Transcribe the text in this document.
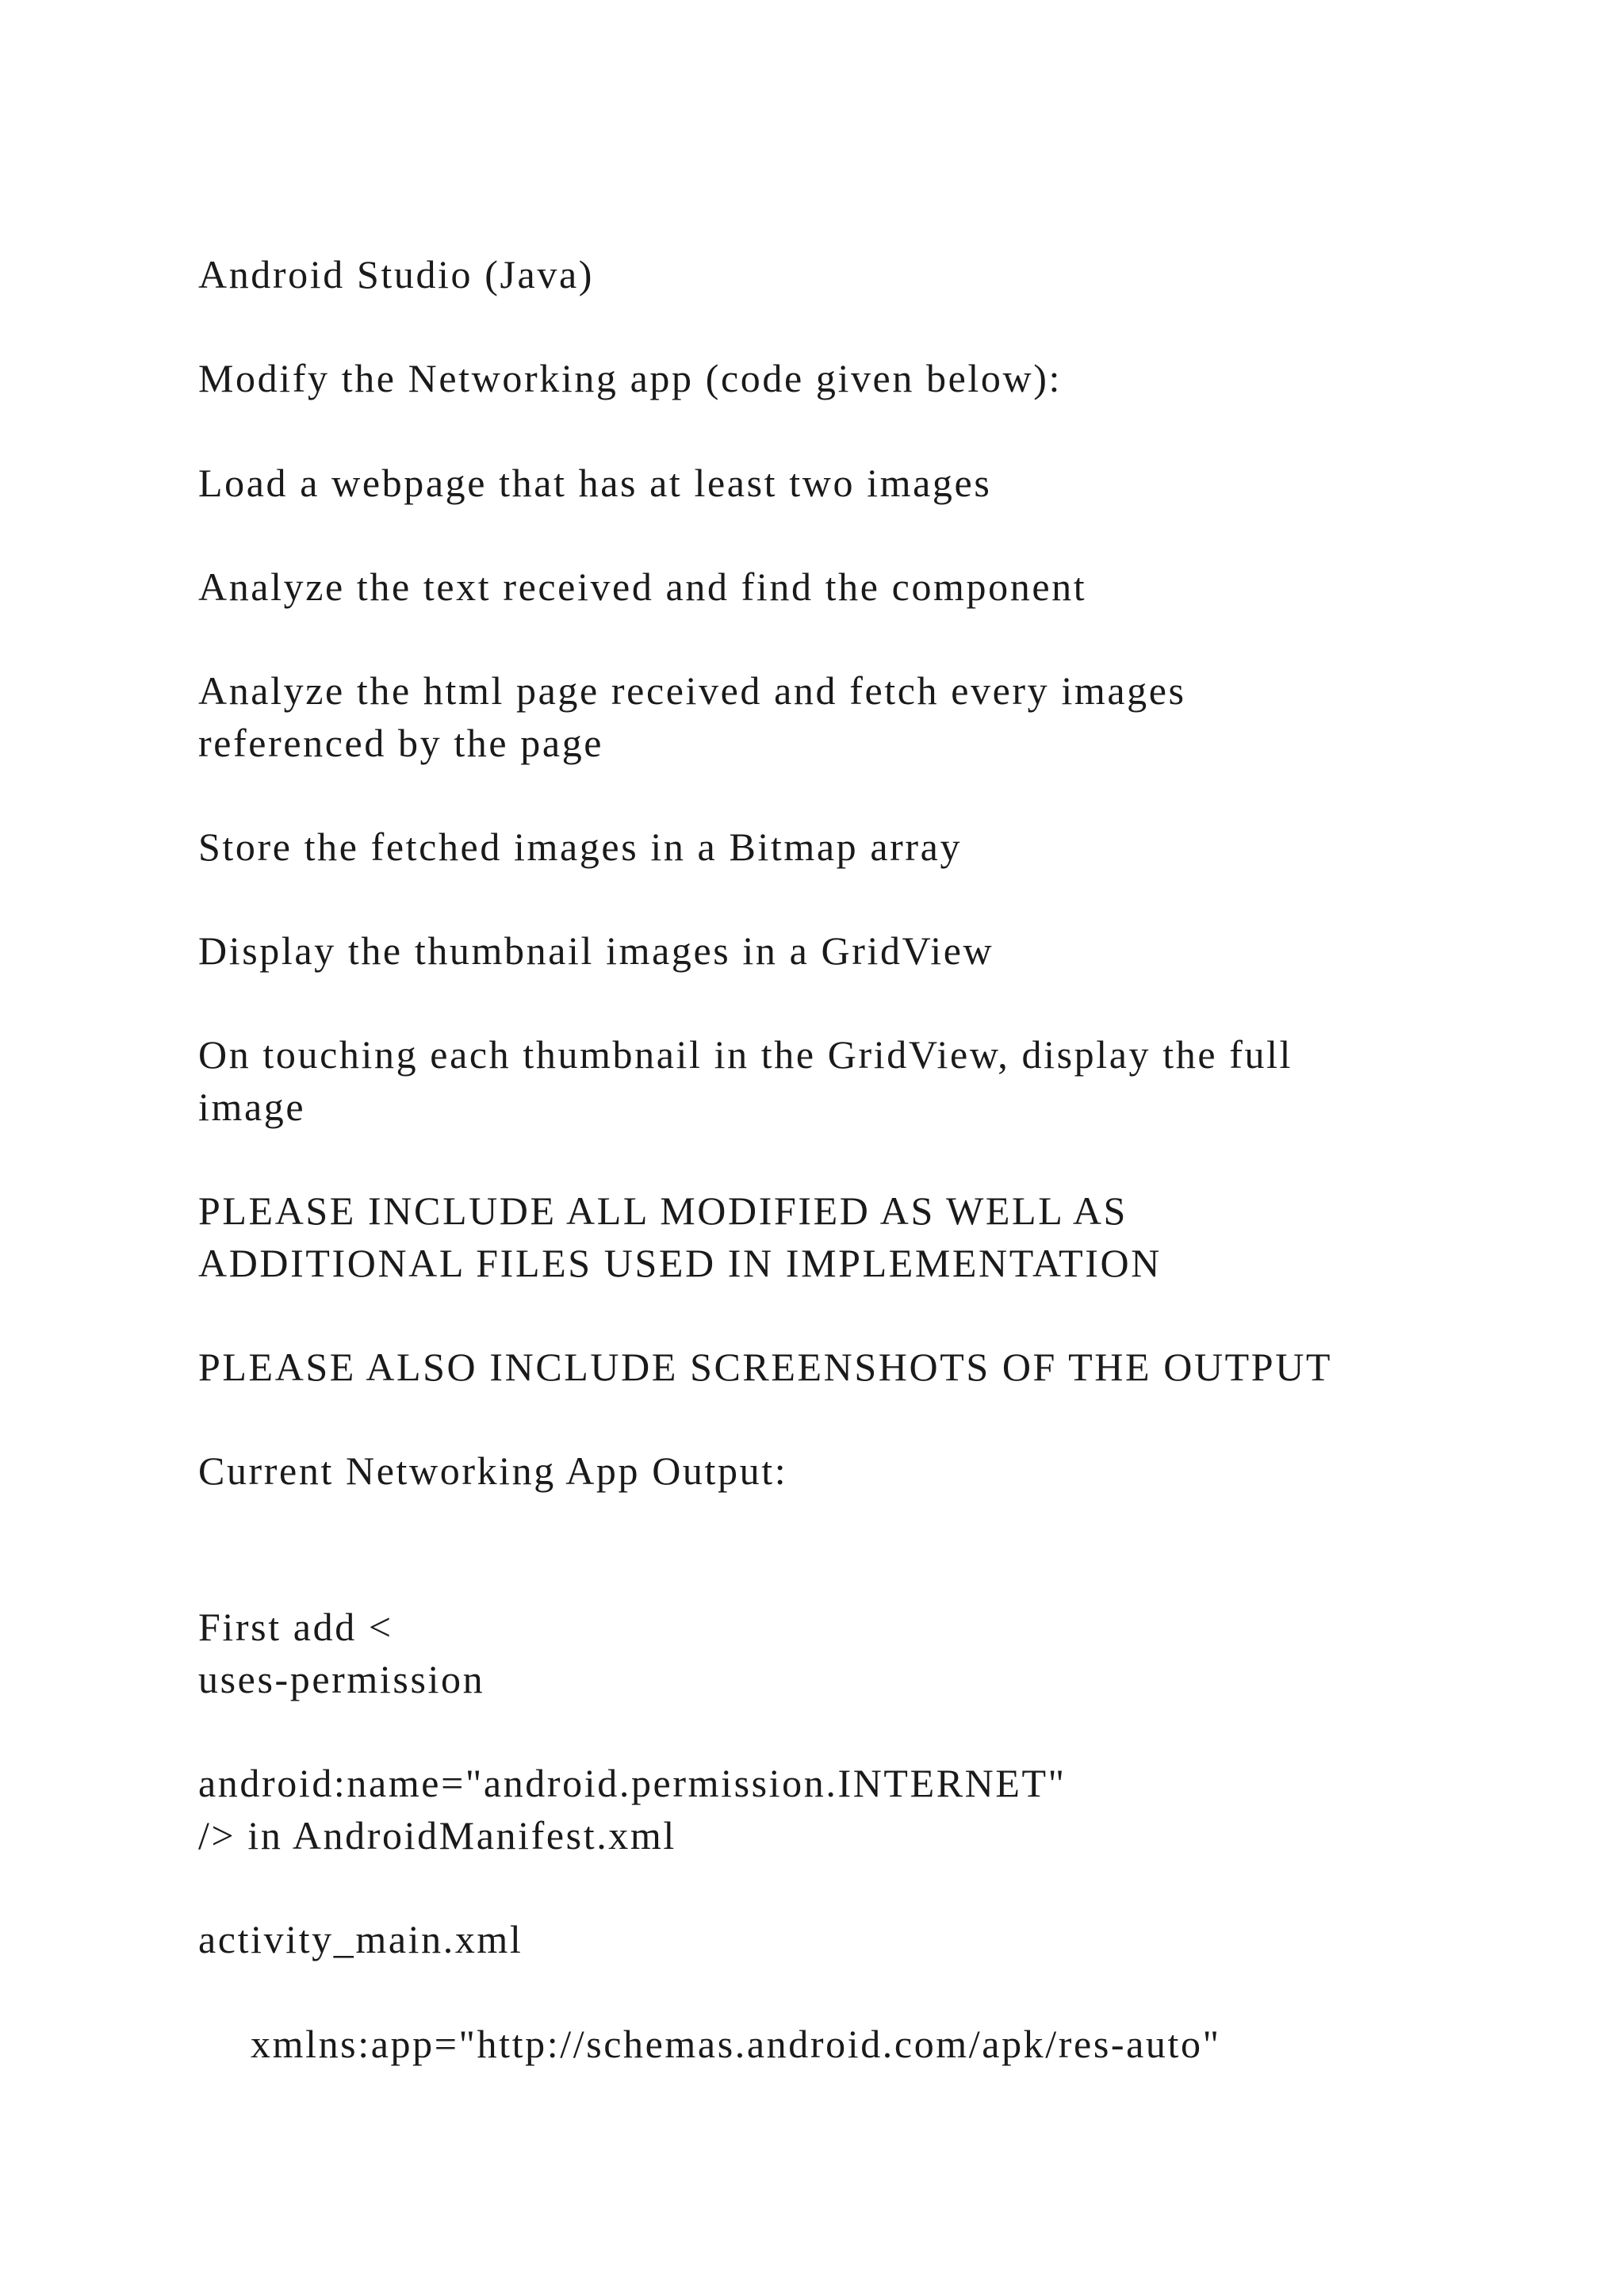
Android Studio (Java)
Modify the Networking app (code given below):
Load a webpage that has at least two images
Analyze the text received and find the component
Analyze the html page received and fetch every images
referenced by the page
Store the fetched images in a Bitmap array
Display the thumbnail images in a GridView
On touching each thumbnail in the GridView, display the full
image
PLEASE INCLUDE ALL MODIFIED AS WELL AS
ADDITIONAL FILES USED IN IMPLEMENTATION
PLEASE ALSO INCLUDE SCREENSHOTS OF THE OUTPUT
Current Networking App Output:
First add <
uses-permission
android:name="android.permission.INTERNET"
/> in AndroidManifest.xml
activity_main.xml
xmlns:app="http://schemas.android.com/apk/res-auto"
